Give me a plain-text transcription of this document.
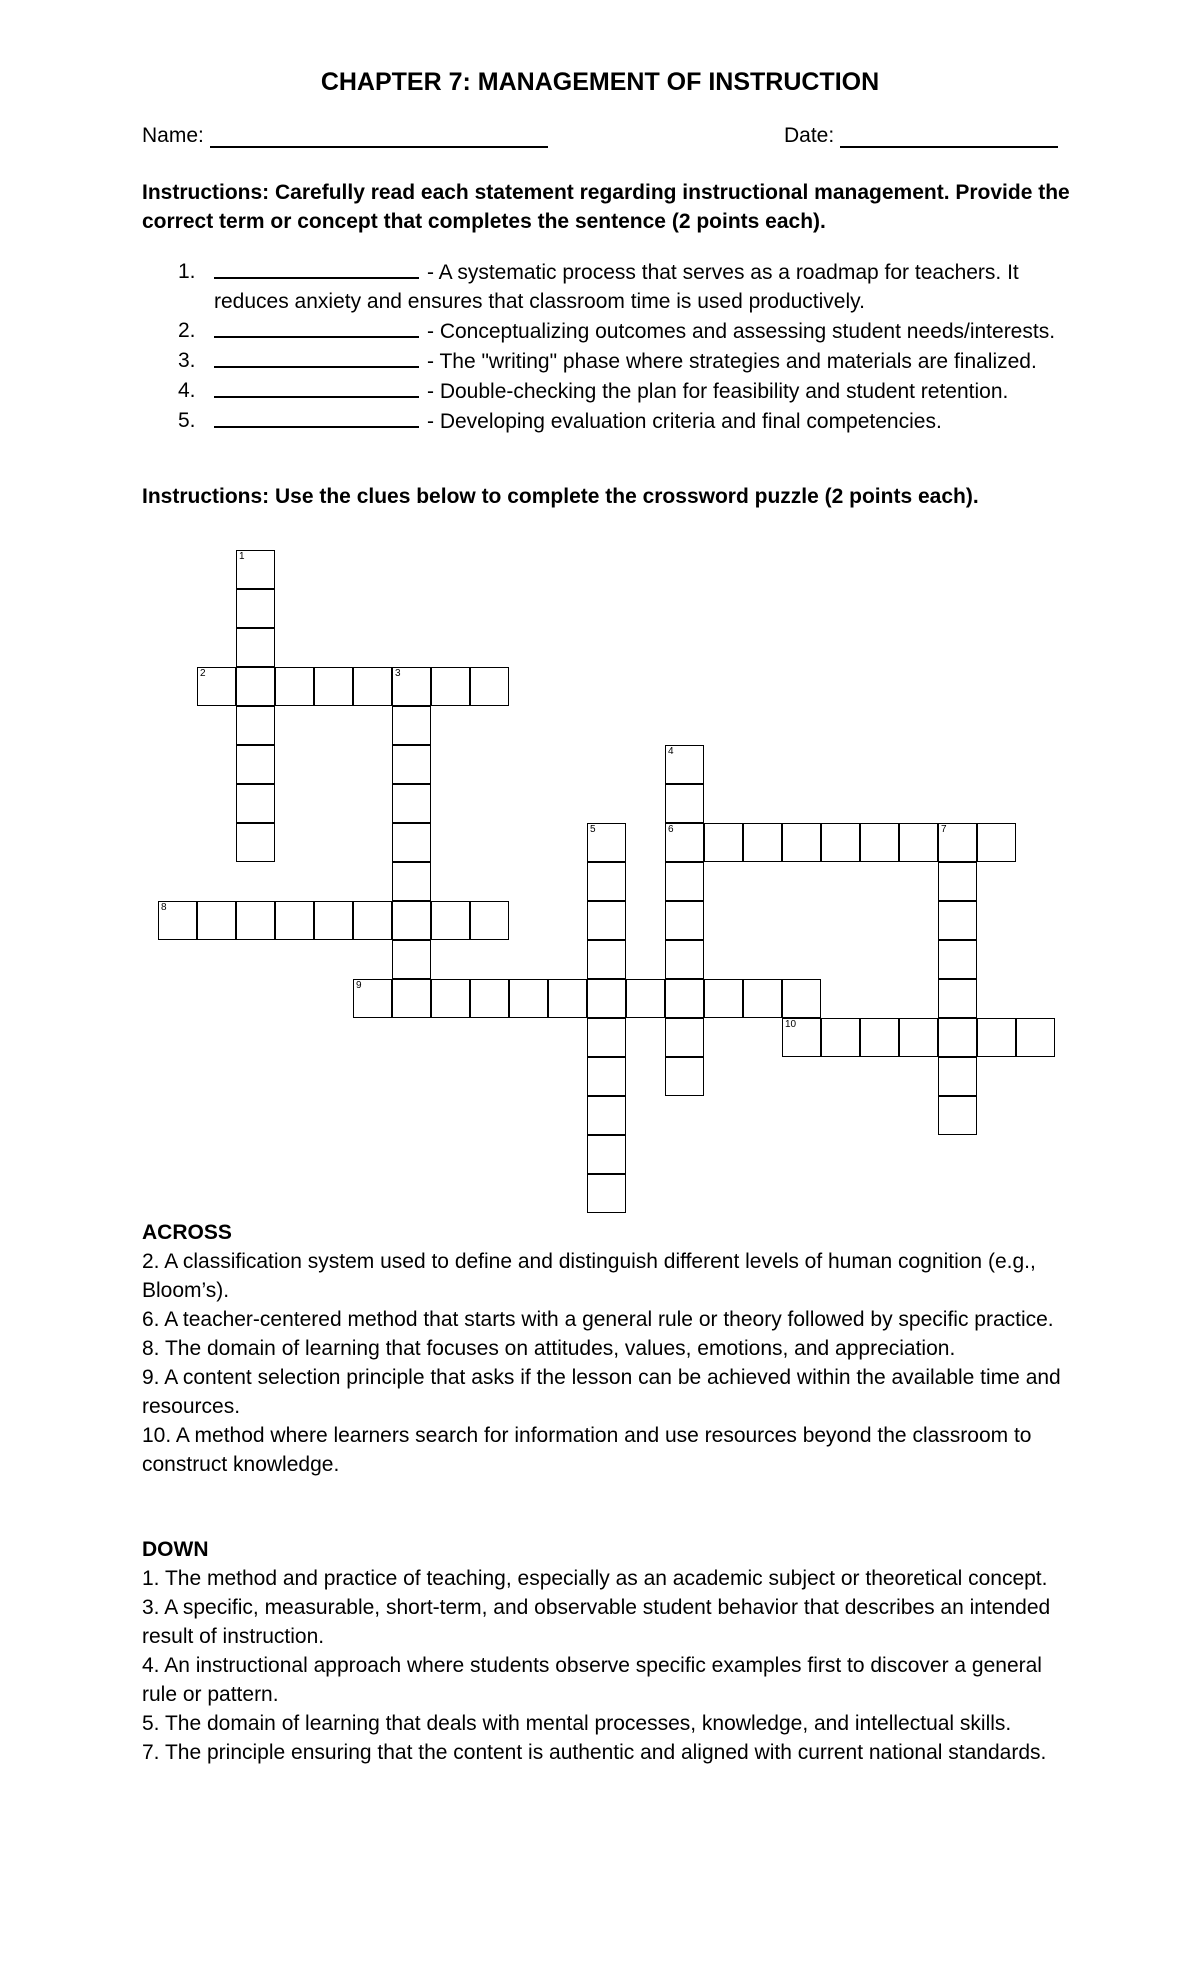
CHAPTER 7: MANAGEMENT OF INSTRUCTION
Name:	Date:

Instructions: Carefully read each statement regarding instructional management. Provide the correct term or concept that completes the sentence (2 points each).

1.	- A systematic process that serves as a roadmap for teachers. It reduces anxiety and ensures that classroom time is used productively.
2.	- Conceptualizing outcomes and assessing student needs/interests.
3.	- The "writing" phase where strategies and materials are finalized.
4.	- Double-checking the plan for feasibility and student retention.
5.	- Developing evaluation criteria and final competencies.

Instructions: Use the clues below to complete the crossword puzzle (2 points each).

1
2	3
4
5	6	7
8
9
10
ACROSS

2. A classification system used to define and distinguish different levels of human cognition (e.g., Bloom’s).

6. A teacher-centered method that starts with a general rule or theory followed by specific practice.

8. The domain of learning that focuses on attitudes, values, emotions, and appreciation.

9. A content selection principle that asks if the lesson can be achieved within the available time and resources.

10. A method where learners search for information and use resources beyond the classroom to construct knowledge.

DOWN

1. The method and practice of teaching, especially as an academic subject or theoretical concept.

3. A specific, measurable, short-term, and observable student behavior that describes an intended result of instruction.

4. An instructional approach where students observe specific examples first to discover a general rule or pattern.

5. The domain of learning that deals with mental processes, knowledge, and intellectual skills.

7. The principle ensuring that the content is authentic and aligned with current national standards.
